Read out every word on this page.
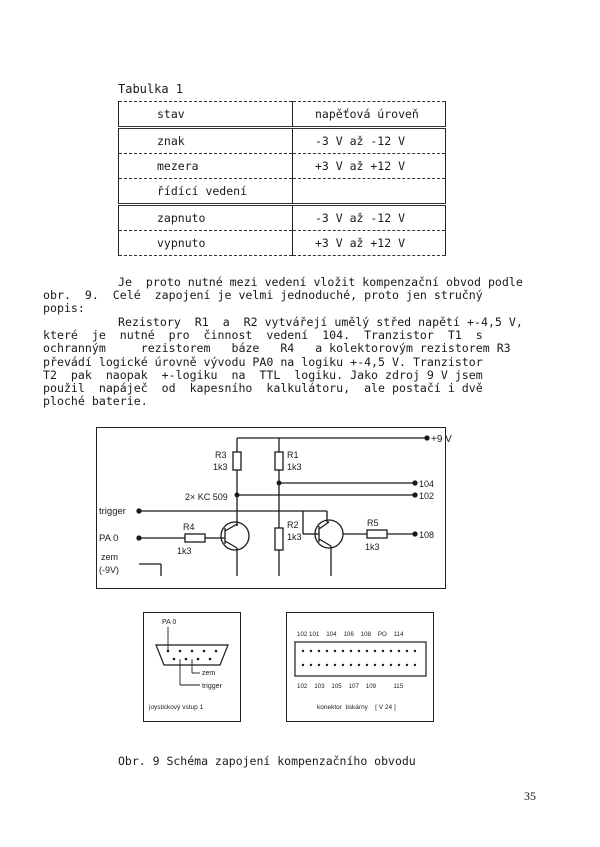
Tabulka 1
stav	napěťová úroveň
znak	-3 V až -12 V
mezera	+3 V až +12 V
řídící vedení	
zapnuto	-3 V až -12 V
vypnuto	+3 V až +12 V
Je  proto nutné mezi vedení vložit kompenzační obvod podle
obr.  9.  Celé  zapojení je velmi jednoduché, proto jen stručný
popis:
Rezistory  R1  a  R2 vytvářejí umělý střed napětí +-4,5 V,
které  je  nutné  pro  činnost  vedení  104.  Tranzistor  T1  s
ochranným     rezistorem   báze   R4   a kolektorovým rezistorem R3
převádí logické úrovně vývodu PA0 na logiku +-4,5 V. Tranzistor
T2  pak  naopak  +-logiku  na  TTL  logiku. Jako zdroj 9 V jsem
použil  napáječ  od  kapesního  kalkulátoru,  ale postačí i dvě
ploché baterie.
+9 V
104
102
108
2× KC 509
trigger
PA 0
zem
(-9V)
R3
1k3
R1
1k3
R4
1k3
R2
1k3
R5
1k3
PA 0
zem
trigger
joystickový vstup 1
102 101    104    106    108    PO    114
102    103    105    107    109          115
konektor  tiskárny    [ V 24 ]
Obr. 9 Schéma zapojení kompenzačního obvodu
35
